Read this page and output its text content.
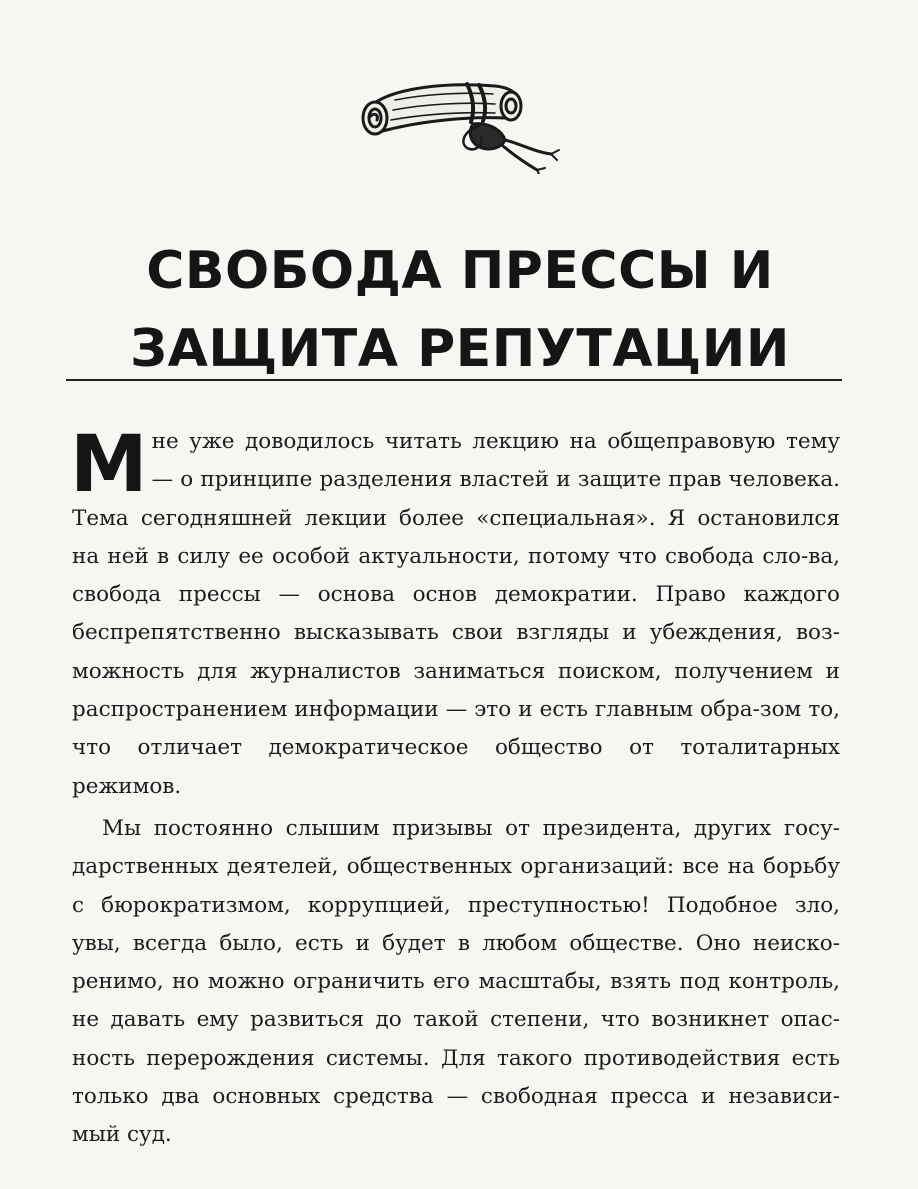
СВОБОДА ПРЕССЫ И ЗАЩИТА РЕПУТАЦИИ

Мне уже доводилось читать лекцию на общеправовую тему — о принципе разделения властей и защите прав человека. Тема сегодняшней лекции более «специальная». Я остановился на ней в силу ее особой актуальности, потому что свобода сло-ва, свобода прессы — основа основ демократии. Право каждого беспрепятственно высказывать свои взгляды и убеждения, воз-можность для журналистов заниматься поиском, получением и распространением информации — это и есть главным обра-зом то, что отличает демократическое общество от тоталитарных режимов.

Мы постоянно слышим призывы от президента, других госу-дарственных деятелей, общественных организаций: все на борьбу с бюрократизмом, коррупцией, преступностью! Подобное зло, увы, всегда было, есть и будет в любом обществе. Оно неиско-ренимо, но можно ограничить его масштабы, взять под контроль, не давать ему развиться до такой степени, что возникнет опас-ность перерождения системы. Для такого противодействия есть только два основных средства — свободная пресса и независи-мый суд.
